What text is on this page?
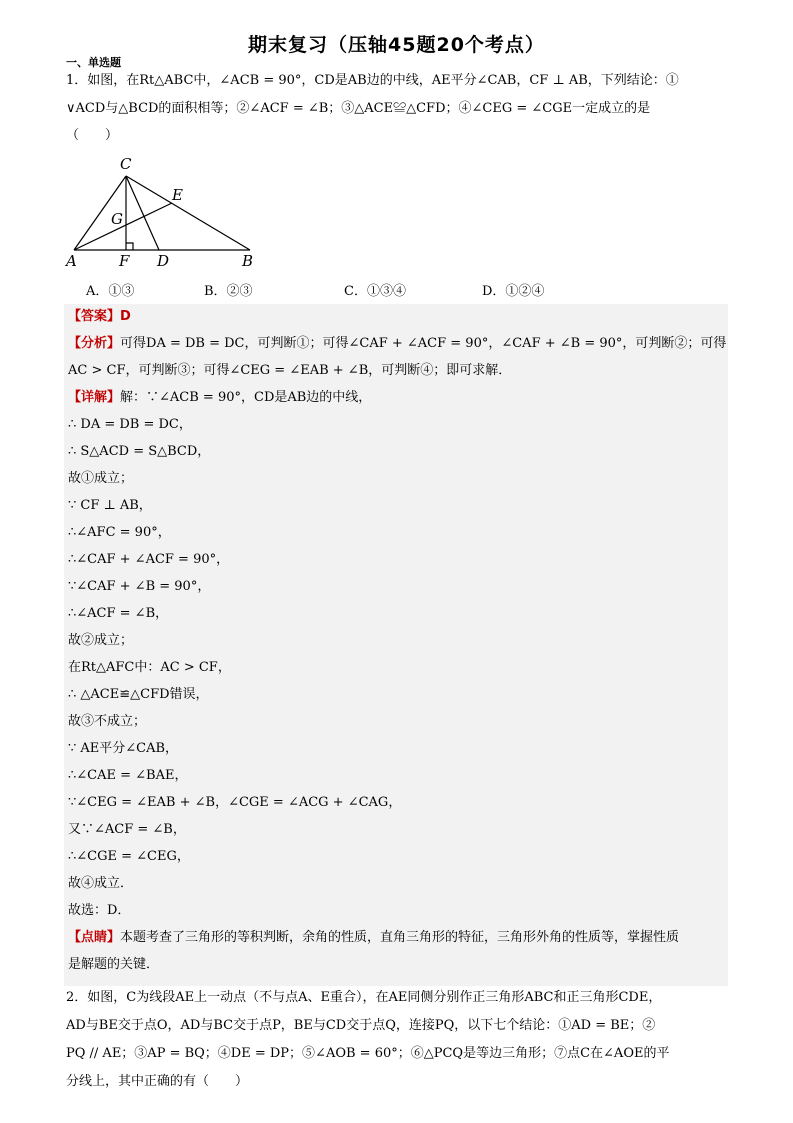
期末复习（压轴45题20个考点）
一、单选题
1．如图，在Rt△ABC中，∠ACB = 90°，CD是AB边的中线，AE平分∠CAB，CF ⊥ AB，下列结论：①
∨ACD与△BCD的面积相等；②∠ACF = ∠B；③△ACE≌△CFD；④∠CEG = ∠CGE一定成立的是
（　　）
C
E
G
A	F D	B
A．①③	B．②③	C．①③④	D．①②④
【答案】D
【分析】可得DA = DB = DC，可判断①；可得∠CAF + ∠ACF = 90°，∠CAF + ∠B = 90°，可判断②；可得
AC > CF，可判断③；可得∠CEG = ∠EAB + ∠B，可判断④；即可求解．
【详解】解：∵∠ACB = 90°，CD是AB边的中线，
∴ DA = DB = DC，
∴ S△ACD = S△BCD，
故①成立；
∵ CF ⊥ AB，
∴∠AFC = 90°，
∴∠CAF + ∠ACF = 90°，
∵∠CAF + ∠B = 90°，
∴∠ACF = ∠B，
故②成立；
在Rt△AFC中：AC > CF，
∴ △ACE≌△CFD错误，
故③不成立；
∵ AE平分∠CAB，
∴∠CAE = ∠BAE，
∵∠CEG = ∠EAB + ∠B，∠CGE = ∠ACG + ∠CAG，
又∵∠ACF = ∠B，
∴∠CGE = ∠CEG，
故④成立．
故选：D．
【点睛】本题考查了三角形的等积判断，余角的性质，直角三角形的特征，三角形外角的性质等，掌握性质
是解题的关键．
2．如图，C为线段AE上一动点（不与点A、E重合），在AE同侧分别作正三角形ABC和正三角形CDE，
AD与BE交于点O，AD与BC交于点P，BE与CD交于点Q，连接PQ，以下七个结论：①AD = BE；②
PQ // AE；③AP = BQ；④DE = DP；⑤∠AOB = 60°；⑥△PCQ是等边三角形；⑦点C在∠AOE的平
分线上，其中正确的有（　　）
